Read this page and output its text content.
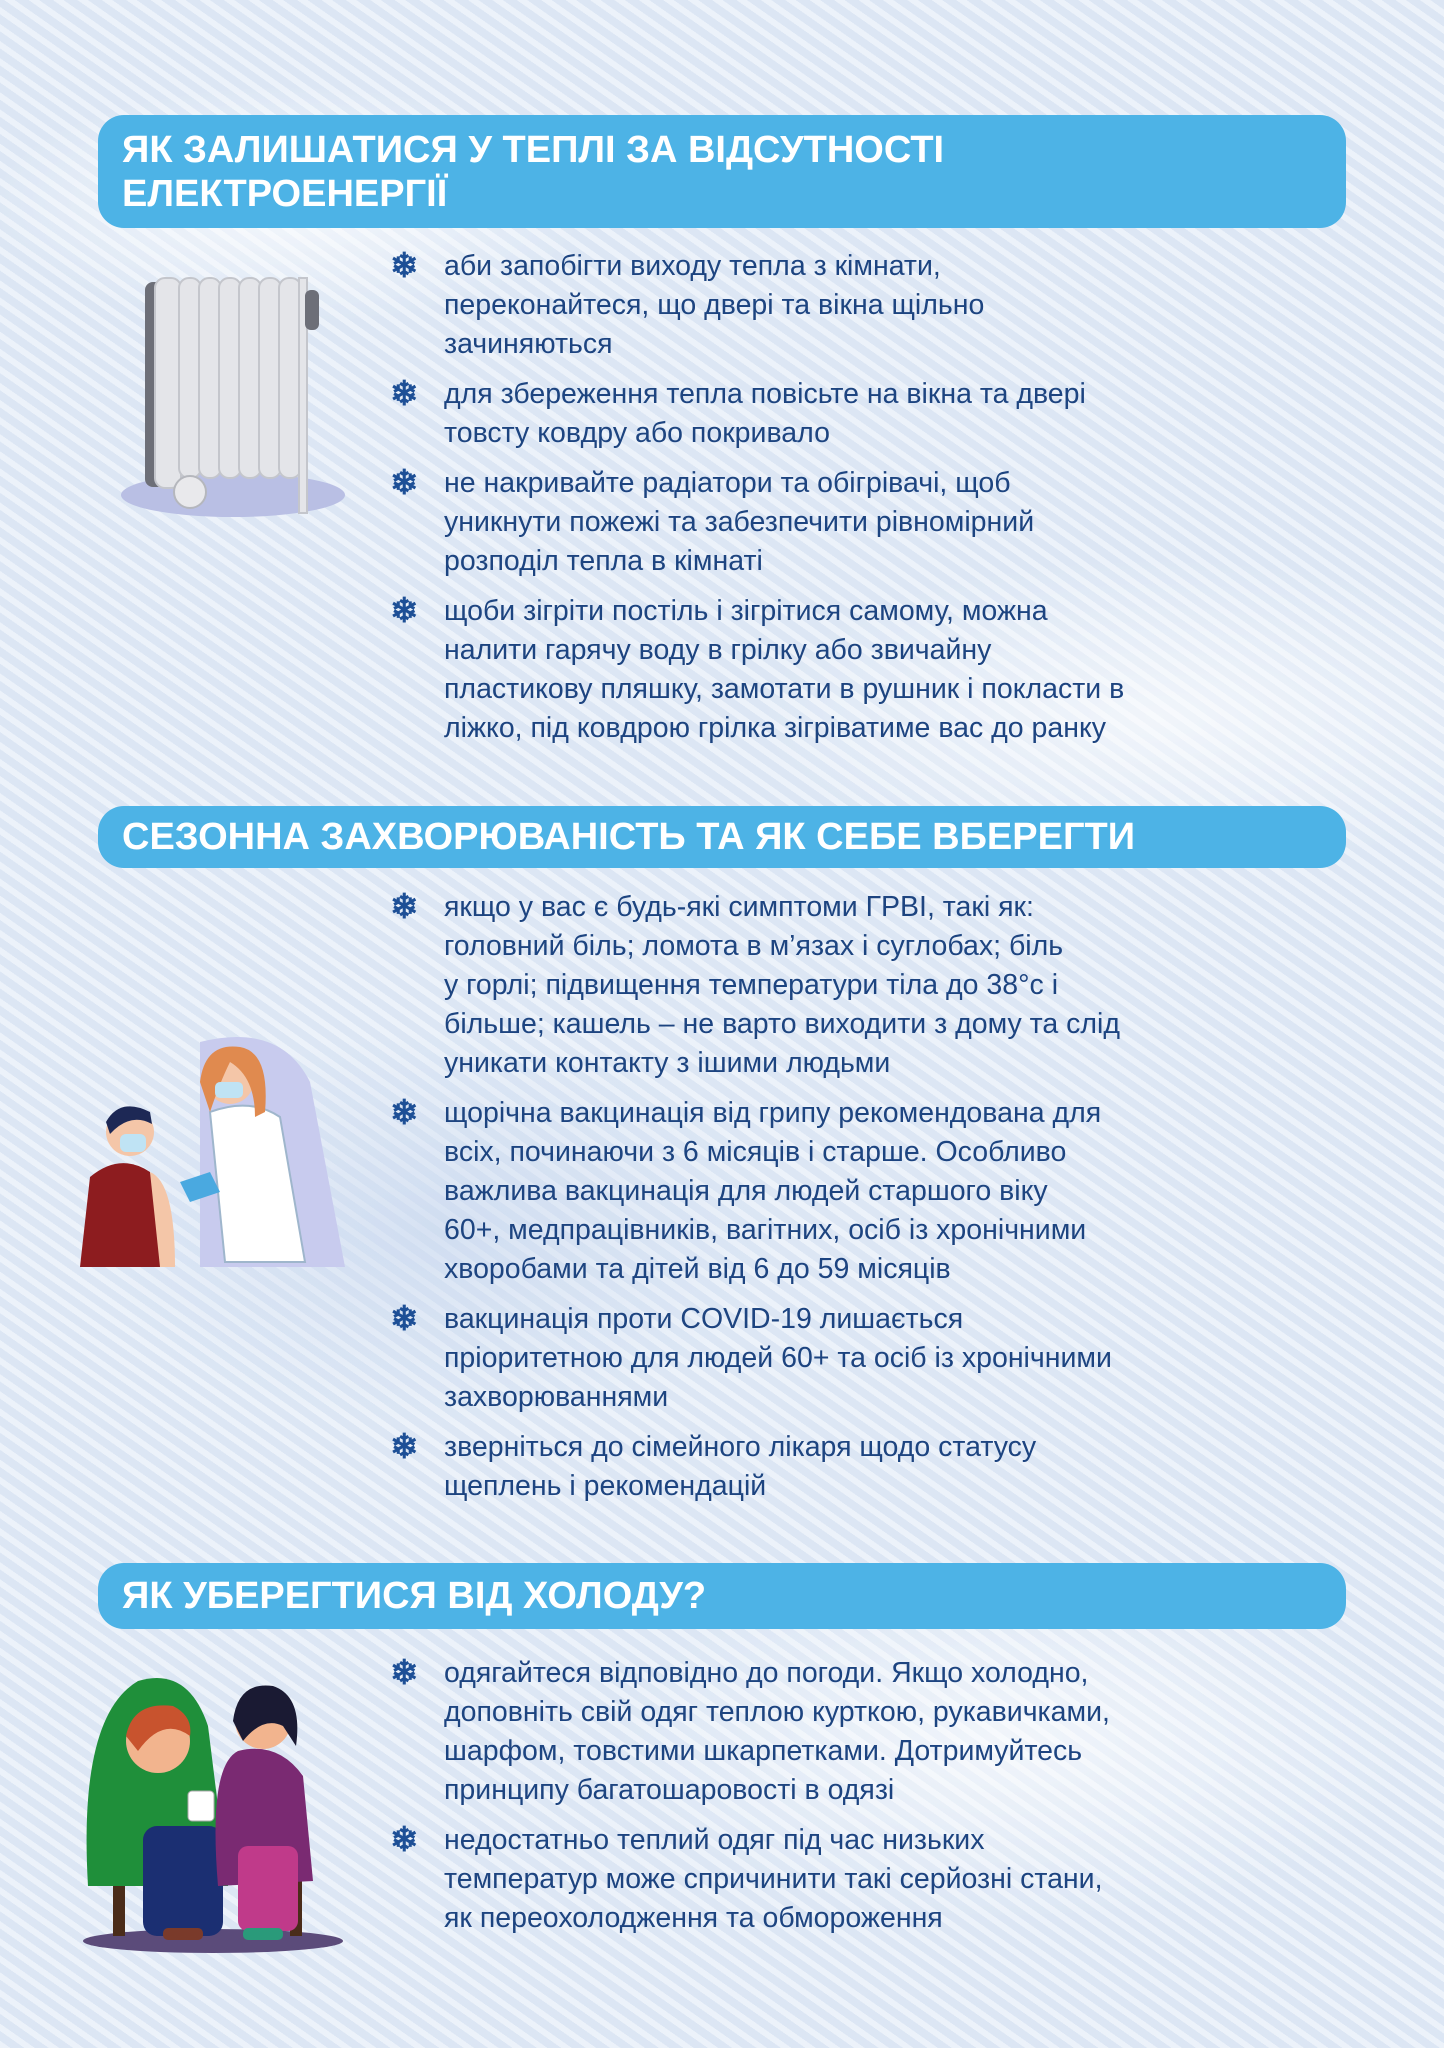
ЯК ЗАЛИШАТИСЯ У ТЕПЛІ ЗА ВІДСУТНОСТІ
ЕЛЕКТРОЕНЕРГІЇ
❄ аби запобігти виходу тепла з кімнати,
переконайтеся, що двері та вікна щільно
зачиняються
❄ для збереження тепла повісьте на вікна та двері
товсту ковдру або покривало
❄ не накривайте радіатори та обігрівачі, щоб
уникнути пожежі та забезпечити рівномірний
розподіл тепла в кімнаті
❄ щоби зігріти постіль і зігрітися самому, можна
налити гарячу воду в грілку або звичайну
пластикову пляшку, замотати в рушник і покласти в
ліжко, під ковдрою грілка зігріватиме вас до ранку
СЕЗОННА ЗАХВОРЮВАНІСТЬ ТА ЯК СЕБЕ ВБЕРЕГТИ
❄ якщо у вас є будь-які симптоми ГРВІ, такі як:
головний біль; ломота в м’язах і суглобах; біль
у горлі; підвищення температури тіла до 38°с і
більше; кашель – не варто виходити з дому та слід
уникати контакту з ішими людьми
❄ щорічна вакцинація від грипу рекомендована для
всіх, починаючи з 6 місяців і старше. Особливо
важлива вакцинація для людей старшого віку
60+, медпрацівників, вагітних, осіб із хронічними
хворобами та дітей від 6 до 59 місяців
❄ вакцинація проти COVID-19 лишається
пріоритетною для людей 60+ та осіб із хронічними
захворюваннями
❄ зверніться до сімейного лікаря щодо статусу
щеплень і рекомендацій
ЯК УБЕРЕГТИСЯ ВІД ХОЛОДУ?
❄ одягайтеся відповідно до погоди. Якщо холодно,
доповніть свій одяг теплою курткою, рукавичками,
шарфом, товстими шкарпетками. Дотримуйтесь
принципу багатошаровості в одязі
❄ недостатньо теплий одяг під час низьких
температур може спричинити такі серйозні стани,
як переохолодження та обмороження
